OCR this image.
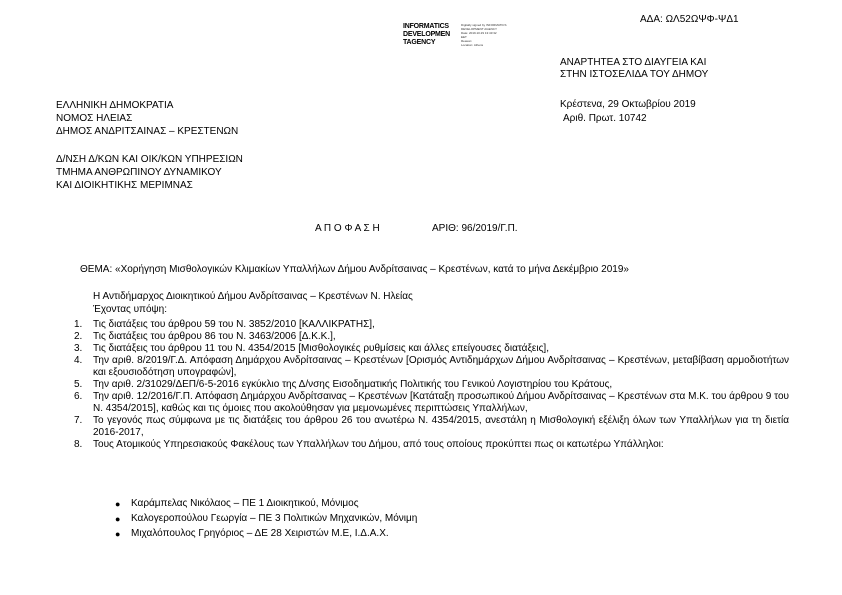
ΑΔΑ: ΩΛ52ΩΨΦ-ΨΔ1
INFORMATICS
DEVELOPMEN
TAGENCY
Digitally signed by INFORMATICS
DEVELOPMENT AGENCY
Date: 2019.10.29 13:43:32
EET
Reason:
Location: Athens
ΑΝΑΡΤΗΤΕΑ ΣΤΟ ΔΙΑΥΓΕΙΑ ΚΑΙ
ΣΤΗΝ ΙΣΤΟΣΕΛΙΔΑ ΤΟΥ ΔΗΜΟΥ
ΕΛΛΗΝΙΚΗ ΔΗΜΟΚΡΑΤΙΑ
ΝΟΜΟΣ ΗΛΕΙΑΣ
ΔΗΜΟΣ ΑΝΔΡΙΤΣΑΙΝΑΣ – ΚΡΕΣΤΕΝΩΝ
Κρέστενα, 29 Οκτωβρίου 2019
Αριθ. Πρωτ. 10742
Δ/ΝΣΗ Δ/ΚΩΝ ΚΑΙ ΟΙΚ/ΚΩΝ ΥΠΗΡΕΣΙΩΝ
ΤΜΗΜΑ ΑΝΘΡΩΠΙΝΟΥ ΔΥΝΑΜΙΚΟΥ
ΚΑΙ ΔΙΟΙΚΗΤΙΚΗΣ ΜΕΡΙΜΝΑΣ
Α Π Ο Φ Α Σ Η	ΑΡΙΘ: 96/2019/Γ.Π.
ΘΕΜΑ: «Χορήγηση Μισθολογικών Κλιμακίων Υπαλλήλων Δήμου Ανδρίτσαινας – Κρεστένων, κατά το μήνα Δεκέμβριο 2019»
Η Αντιδήμαρχος Διοικητικού Δήμου Ανδρίτσαινας – Κρεστένων Ν. Ηλείας
Έχοντας υπόψη:
1.	Τις διατάξεις του άρθρου 59 του Ν. 3852/2010 [ΚΑΛΛΙΚΡΑΤΗΣ],
2.	Τις διατάξεις του άρθρου 86 του Ν. 3463/2006 [Δ.Κ.Κ.],
3.	Τις διατάξεις του άρθρου 11 του Ν. 4354/2015 [Μισθολογικές ρυθμίσεις και άλλες επείγουσες διατάξεις],
4.	Την αριθ. 8/2019/Γ.Δ. Απόφαση Δημάρχου Ανδρίτσαινας – Κρεστένων [Ορισμός Αντιδημάρχων Δήμου Ανδρίτσαινας – Κρεστένων, μεταβίβαση αρμοδιοτήτων και εξουσιοδότηση υπογραφών],
5.	Την αριθ. 2/31029/ΔΕΠ/6-5-2016 εγκύκλιο της Δ/νσης Εισοδηματικής Πολιτικής του Γενικού Λογιστηρίου του Κράτους,
6.	Την αριθ. 12/2016/Γ.Π. Απόφαση Δημάρχου Ανδρίτσαινας – Κρεστένων [Κατάταξη προσωπικού Δήμου Ανδρίτσαινας – Κρεστένων στα Μ.Κ. του άρθρου 9 του Ν. 4354/2015], καθώς και τις όμοιες που ακολούθησαν για μεμονωμένες περιπτώσεις Υπαλλήλων,
7.	Το γεγονός πως σύμφωνα με τις διατάξεις του άρθρου 26 του ανωτέρω Ν. 4354/2015, ανεστάλη η Μισθολογική εξέλιξη όλων των Υπαλλήλων για τη διετία 2016-2017,
8.	Τους Ατομικούς Υπηρεσιακούς Φακέλους των Υπαλλήλων του Δήμου, από τους οποίους προκύπτει πως οι κατωτέρω Υπάλληλοι:
●	Καράμπελας Νικόλαος – ΠΕ 1 Διοικητικού, Μόνιμος
●	Καλογεροπούλου Γεωργία – ΠΕ 3 Πολιτικών Μηχανικών, Μόνιμη
●	Μιχαλόπουλος Γρηγόριος – ΔΕ 28 Χειριστών Μ.Ε, Ι.Δ.Α.Χ.
